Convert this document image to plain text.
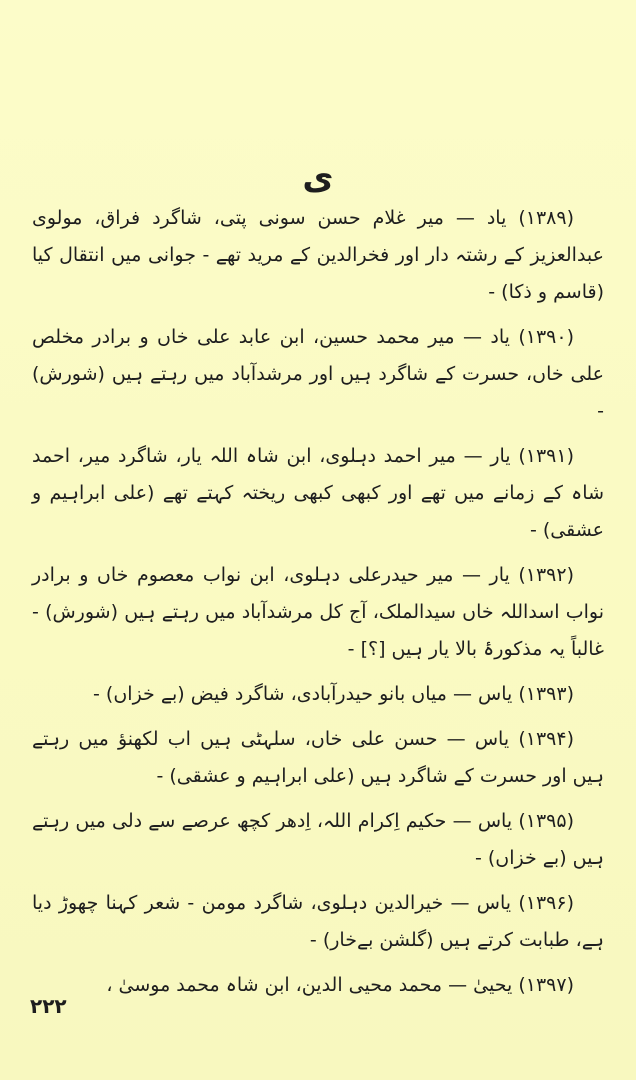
ی

(۱۳۸۹) یاد — میر غلام حسن سونی پتی، شاگرد فراق، مولوی عبدالعزیز کے رشتہ دار اور فخرالدین کے مرید تھے - جوانی میں انتقال کیا (قاسم و ذکا) -

(۱۳۹۰) یاد — میر محمد حسین، ابن عابد علی خاں و برادر مخلص علی خاں، حسرت کے شاگرد ہیں اور مرشدآباد میں رہتے ہیں (شورش) -

(۱۳۹۱) یار — میر احمد دہلوی، ابن شاہ اللہ یار، شاگرد میر، احمد شاہ کے زمانے میں تھے اور کبھی کبھی ریختہ کہتے تھے (علی ابراہیم و عشقی) -

(۱۳۹۲) یار — میر حیدرعلی دہلوی، ابن نواب معصوم خاں و برادر نواب اسداللہ خاں سیدالملک، آج کل مرشدآباد میں رہتے ہیں (شورش) - غالباً یہ مذکورۂ بالا یار ہیں [؟] -

(۱۳۹۳) یاس — میاں بانو حیدرآبادی، شاگرد فیض (بے خزاں) -

(۱۳۹۴) یاس — حسن علی خاں، سلہٹی ہیں اب لکھنؤ میں رہتے ہیں اور حسرت کے شاگرد ہیں (علی ابراہیم و عشقی) -

(۱۳۹۵) یاس — حکیم اِکرام اللہ، اِدھر کچھ عرصے سے دلی میں رہتے ہیں (بے خزاں) -

(۱۳۹۶) یاس — خیرالدین دہلوی، شاگرد مومن - شعر کہنا چھوڑ دیا ہے، طبابت کرتے ہیں (گلشن بےخار) -

(۱۳۹۷) یحییٰ — محمد محیی الدین، ابن شاہ محمد موسیٰ ،

۲۲۲
